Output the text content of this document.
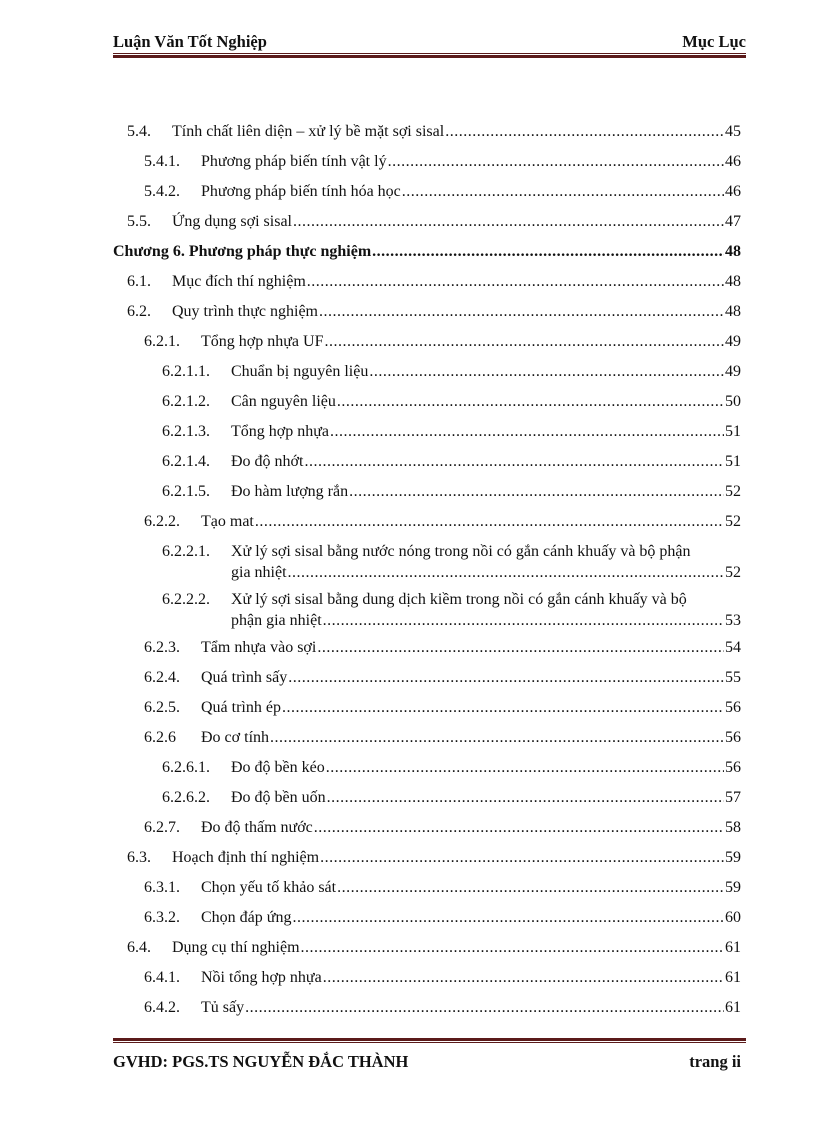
Luận Văn Tốt Nghiệp	Mục Lục
5.4.	Tính chất liên diện – xử lý bề mặt sợi sisal .....	45
5.4.1.	Phương pháp biến tính vật lý .....	46
5.4.2.	Phương pháp biến tính hóa học .....	46
5.5.	Ứng dụng sợi sisal .....	47
Chương 6. Phương pháp thực nghiệm .....	48
6.1.	Mục đích thí nghiệm .....	48
6.2.	Quy trình thực nghiệm .....	48
6.2.1.	Tổng hợp nhựa UF .....	49
6.2.1.1.	Chuẩn bị nguyên liệu .....	49
6.2.1.2.	Cân nguyên liệu .....	50
6.2.1.3.	Tổng hợp nhựa .....	51
6.2.1.4.	Đo độ nhớt .....	51
6.2.1.5.	Đo hàm lượng rắn .....	52
6.2.2.	Tạo mat .....	52
6.2.2.1.	Xử lý sợi sisal bằng nước nóng trong nồi có gắn cánh khuấy và bộ phận
gia nhiệt .....	52
6.2.2.2.	Xử lý sợi sisal bằng dung dịch kiềm trong nồi có gắn cánh khuấy và bộ
phận gia nhiệt .....	53
6.2.3.	Tẩm nhựa vào sợi .....	54
6.2.4.	Quá trình sấy .....	55
6.2.5.	Quá trình ép .....	56
6.2.6	Đo cơ tính .....	56
6.2.6.1.	Đo độ bền kéo .....	56
6.2.6.2.	Đo độ bền uốn .....	57
6.2.7.	Đo độ thấm nước .....	58
6.3.	Hoạch định thí nghiệm .....	59
6.3.1.	Chọn yếu tố khảo sát .....	59
6.3.2.	Chọn đáp ứng .....	60
6.4.	Dụng cụ thí nghiệm .....	61
6.4.1.	Nồi tổng hợp nhựa .....	61
6.4.2.	Tủ sấy .....	61
GVHD: PGS.TS NGUYỄN ĐẮC THÀNH	trang ii
